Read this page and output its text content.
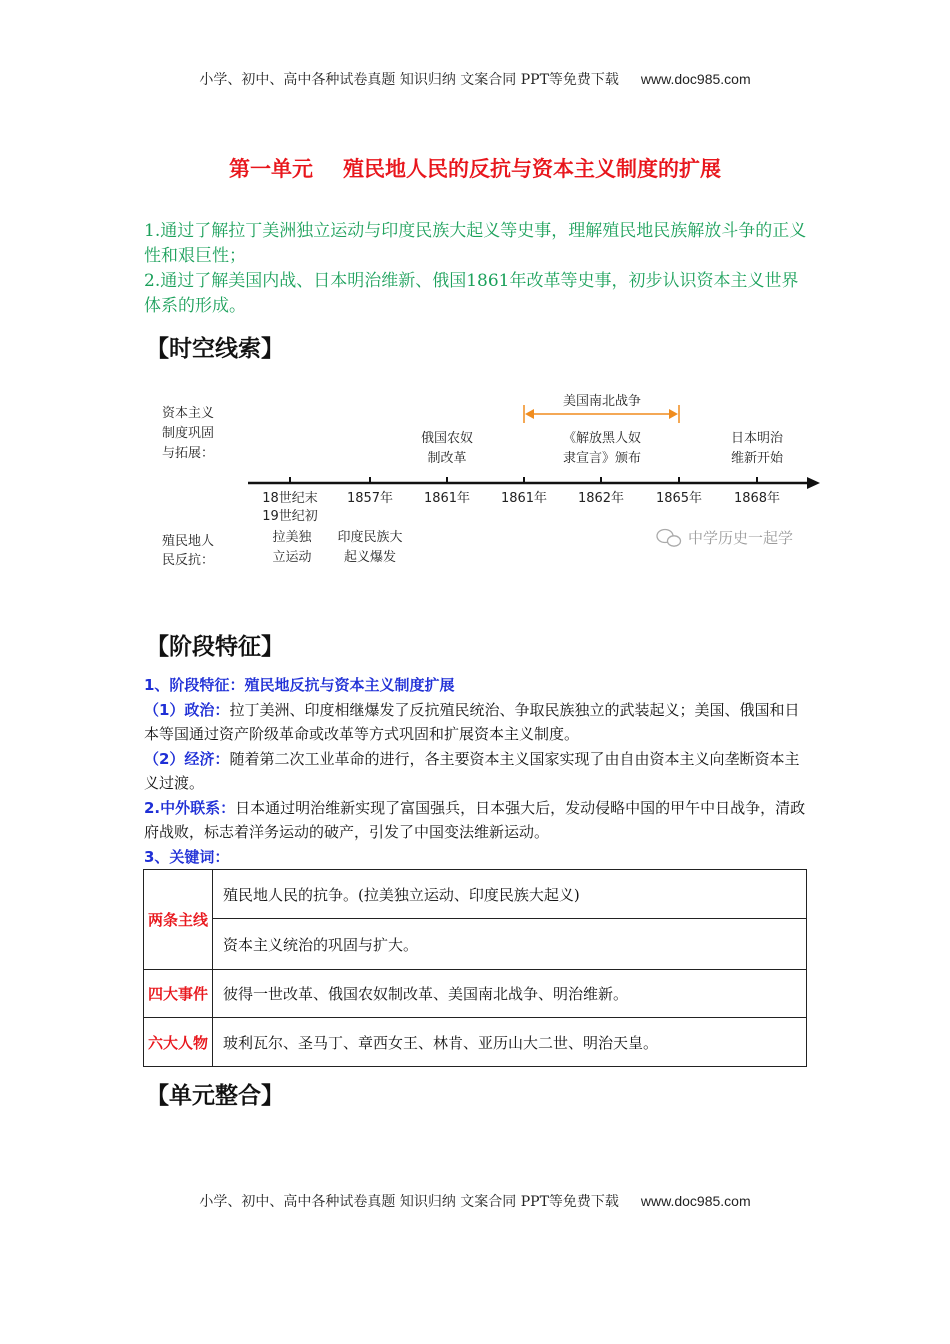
小学、初中、高中各种试卷真题 知识归纳 文案合同 PPT等免费下载 www.doc985.com
第一单元 殖民地人民的反抗与资本主义制度的扩展

1.通过了解拉丁美洲独立运动与印度民族大起义等史事，理解殖民地民族解放斗争的正义性和艰巨性；

2.通过了解美国内战、日本明治维新、俄国1861年改革等史事，初步认识资本主义世界体系的形成。

【时空线索】
资本主义
制度巩固
与拓展：
殖民地人
民反抗：
18世纪末
19世纪初
1857年 1861年 1861年 1862年 1865年 1868年
美国南北战争
俄国农奴
制改革
《解放黑人奴
隶宣言》颁布
日本明治
维新开始
拉美独
立运动
印度民族大
起义爆发
中学历史一起学
【阶段特征】

1、阶段特征：殖民地反抗与资本主义制度扩展

（1）政治：拉丁美洲、印度相继爆发了反抗殖民统治、争取民族独立的武装起义；美国、俄国和日本等国通过资产阶级革命或改革等方式巩固和扩展资本主义制度。

（2）经济：随着第二次工业革命的进行，各主要资本主义国家实现了由自由资本主义向垄断资本主义过渡。

2.中外联系：日本通过明治维新实现了富国强兵，日本强大后，发动侵略中国的甲午中日战争，清政府战败，标志着洋务运动的破产，引发了中国变法维新运动。

3、关键词：

两条主线	殖民地人民的抗争。(拉美独立运动、印度民族大起义)
	资本主义统治的巩固与扩大。
四大事件	彼得一世改革、俄国农奴制改革、美国南北战争、明治维新。
六大人物	玻利瓦尔、圣马丁、章西女王、林肯、亚历山大二世、明治天皇。
【单元整合】
小学、初中、高中各种试卷真题 知识归纳 文案合同 PPT等免费下载 www.doc985.com
